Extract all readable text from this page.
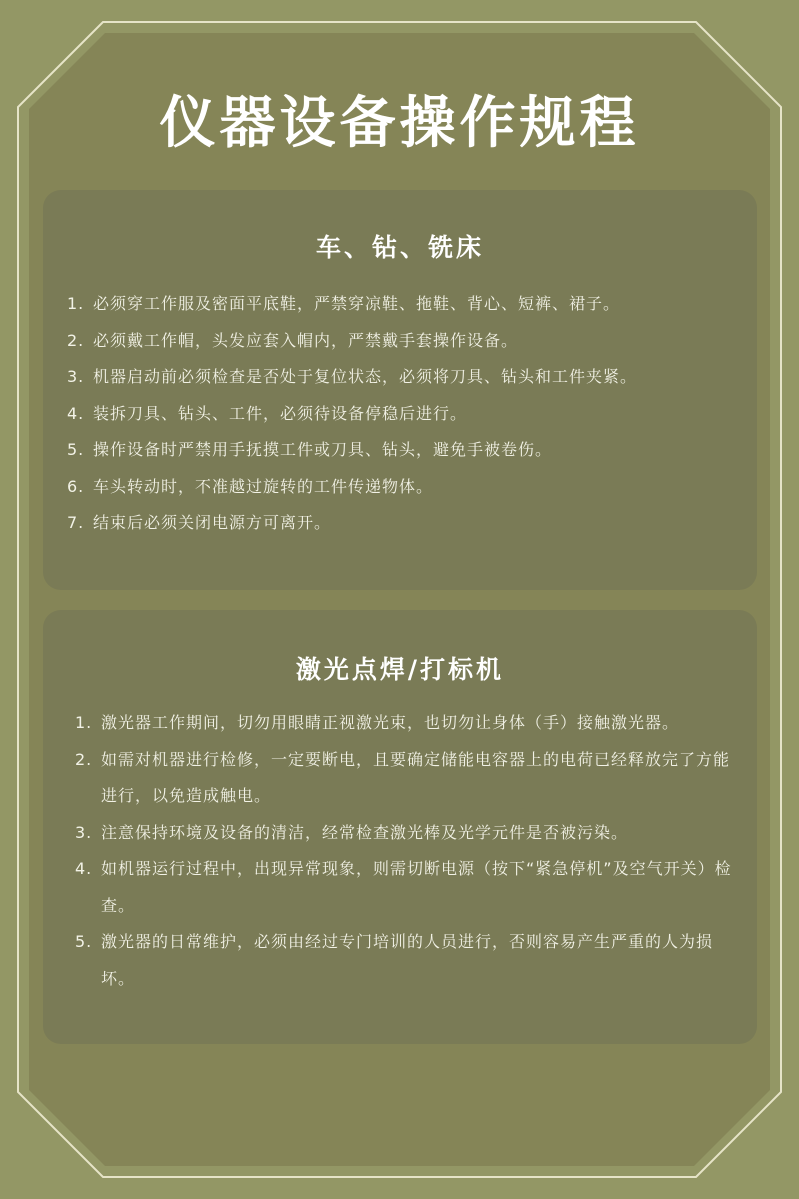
仪器设备操作规程
车、钻、铣床
1. 必须穿工作服及密面平底鞋，严禁穿凉鞋、拖鞋、背心、短裤、裙子。
2. 必须戴工作帽，头发应套入帽内，严禁戴手套操作设备。
3. 机器启动前必须检查是否处于复位状态，必须将刀具、钻头和工件夹紧。
4. 装拆刀具、钻头、工件，必须待设备停稳后进行。
5. 操作设备时严禁用手抚摸工件或刀具、钻头，避免手被卷伤。
6. 车头转动时，不准越过旋转的工件传递物体。
7. 结束后必须关闭电源方可离开。
激光点焊/打标机
1. 激光器工作期间，切勿用眼睛正视激光束，也切勿让身体（手）接触激光器。
2. 如需对机器进行检修，一定要断电，且要确定储能电容器上的电荷已经释放完了方能进行，以免造成触电。
3. 注意保持环境及设备的清洁，经常检查激光棒及光学元件是否被污染。
4. 如机器运行过程中，出现异常现象，则需切断电源（按下“紧急停机”及空气开关）检查。
5. 激光器的日常维护，必须由经过专门培训的人员进行，否则容易产生严重的人为损坏。
